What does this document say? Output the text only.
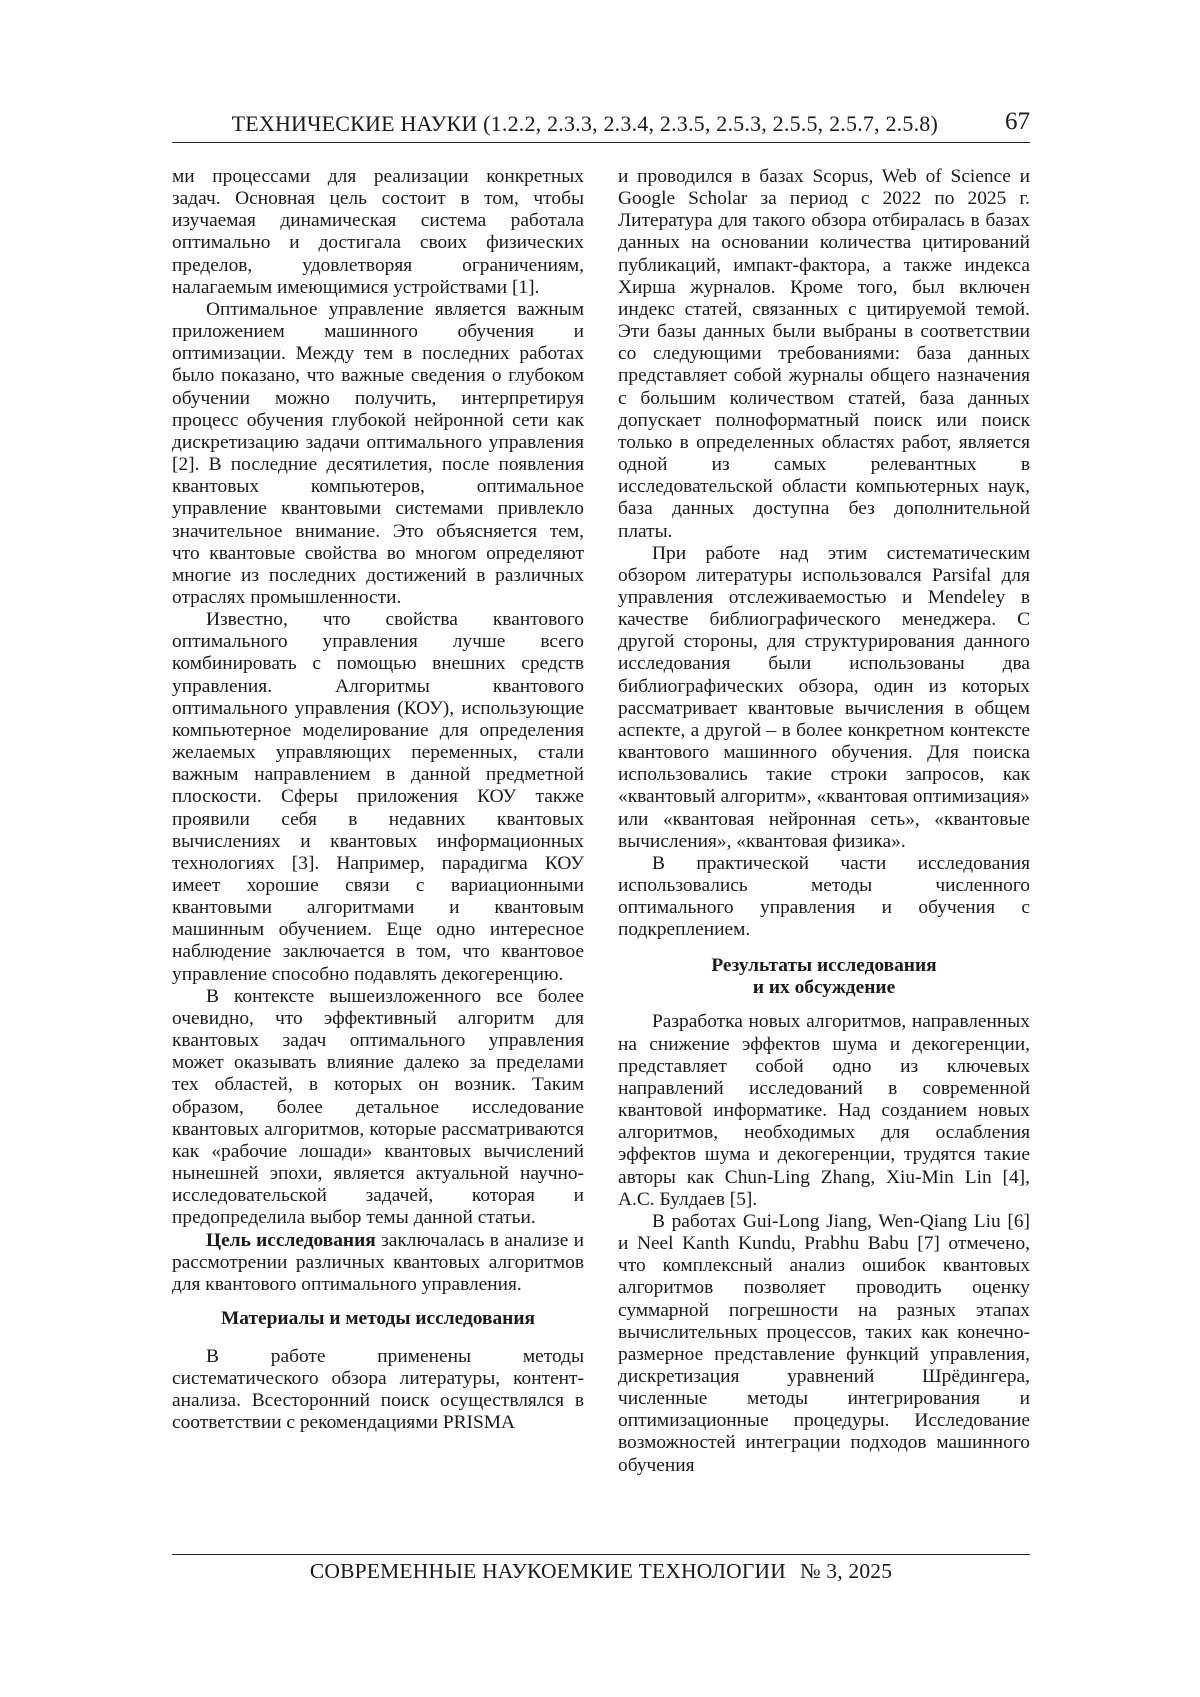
ТЕХНИЧЕСКИЕ НАУКИ (1.2.2, 2.3.3, 2.3.4, 2.3.5, 2.5.3, 2.5.5, 2.5.7, 2.5.8)	67

ми процессами для реализации конкретных задач. Основная цель состоит в том, чтобы изучаемая динамическая система работала оптимально и достигала своих физических пределов, удовлетворяя ограничениям, налагаемым имеющимися устройствами [1].

Оптимальное управление является важным приложением машинного обучения и оптимизации. Между тем в последних работах было показано, что важные сведения о глубоком обучении можно получить, интерпретируя процесс обучения глубокой нейронной сети как дискретизацию задачи оптимального управления [2]. В последние десятилетия, после появления квантовых компьютеров, оптимальное управление квантовыми системами привлекло значительное внимание. Это объясняется тем, что квантовые свойства во многом определяют многие из последних достижений в различных отраслях промышленности.

Известно, что свойства квантового оптимального управления лучше всего комбинировать с помощью внешних средств управления. Алгоритмы квантового оптимального управления (КОУ), использующие компьютерное моделирование для определения желаемых управляющих переменных, стали важным направлением в данной предметной плоскости. Сферы приложения КОУ также проявили себя в недавних квантовых вычислениях и квантовых информационных технологиях [3]. Например, парадигма КОУ имеет хорошие связи с вариационными квантовыми алгоритмами и квантовым машинным обучением. Еще одно интересное наблюдение заключается в том, что квантовое управление способно подавлять декогеренцию.

В контексте вышеизложенного все более очевидно, что эффективный алгоритм для квантовых задач оптимального управления может оказывать влияние далеко за пределами тех областей, в которых он возник. Таким образом, более детальное исследование квантовых алгоритмов, которые рассматриваются как «рабочие лошади» квантовых вычислений нынешней эпохи, является актуальной научно-исследовательской задачей, которая и предопределила выбор темы данной статьи.

Цель исследования заключалась в анализе и рассмотрении различных квантовых алгоритмов для квантового оптимального управления.

Материалы и методы исследования

В работе применены методы систематического обзора литературы, контент-анализа. Всесторонний поиск осуществлялся в соответствии с рекомендациями PRISMA

и проводился в базах Scopus, Web of Science и Google Scholar за период с 2022 по 2025 г. Литература для такого обзора отбиралась в базах данных на основании количества цитирований публикаций, импакт-фактора, а также индекса Хирша журналов. Кроме того, был включен индекс статей, связанных с цитируемой темой. Эти базы данных были выбраны в соответствии со следующими требованиями: база данных представляет собой журналы общего назначения с большим количеством статей, база данных допускает полноформатный поиск или поиск только в определенных областях работ, является одной из самых релевантных в исследовательской области компьютерных наук, база данных доступна без дополнительной платы.

При работе над этим систематическим обзором литературы использовался Parsifal для управления отслеживаемостью и Mendeley в качестве библиографического менеджера. С другой стороны, для структурирования данного исследования были использованы два библиографических обзора, один из которых рассматривает квантовые вычисления в общем аспекте, а другой – в более конкретном контексте квантового машинного обучения. Для поиска использовались такие строки запросов, как «квантовый алгоритм», «квантовая оптимизация» или «квантовая нейронная сеть», «квантовые вычисления», «квантовая физика».

В практической части исследования использовались методы численного оптимального управления и обучения с подкреплением.

Результаты исследования
и их обсуждение

Разработка новых алгоритмов, направленных на снижение эффектов шума и декогеренции, представляет собой одно из ключевых направлений исследований в современной квантовой информатике. Над созданием новых алгоритмов, необходимых для ослабления эффектов шума и декогеренции, трудятся такие авторы как Chun-Ling Zhang, Xiu-Min Lin [4], А.С. Булдаев [5].

В работах Gui-Long Jiang, Wen-Qiang Liu [6] и Neel Kanth Kundu, Prabhu Babu [7] отмечено, что комплексный анализ ошибок квантовых алгоритмов позволяет проводить оценку суммарной погрешности на разных этапах вычислительных процессов, таких как конечно-размерное представление функций управления, дискретизация уравнений Шрёдингера, численные методы интегрирования и оптимизационные процедуры. Исследование возможностей интеграции подходов машинного обучения

СОВРЕМЕННЫЕ НАУКОЕМКИЕ ТЕХНОЛОГИИ № 3, 2025
